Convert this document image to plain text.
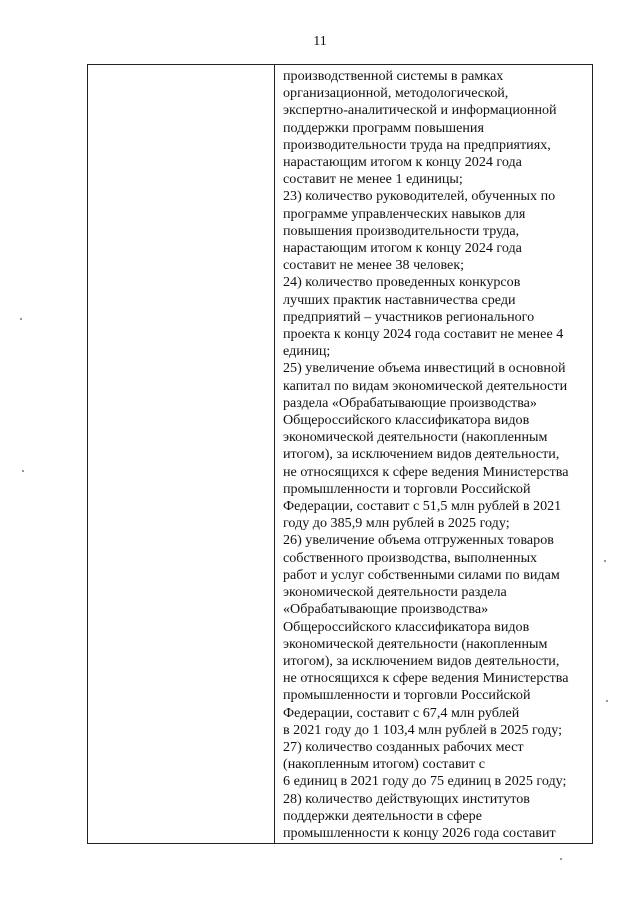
11
производственной системы в рамках
организационной, методологической,
экспертно-аналитической и информационной
поддержки программ повышения
производительности труда на предприятиях,
нарастающим итогом к концу 2024 года
составит не менее 1 единицы;
23) количество руководителей, обученных по
программе управленческих навыков для
повышения производительности труда,
нарастающим итогом к концу 2024 года
составит не менее 38 человек;
24) количество проведенных конкурсов
лучших практик наставничества среди
предприятий – участников регионального
проекта к концу 2024 года составит не менее 4
единиц;
25) увеличение объема инвестиций в основной
капитал по видам экономической деятельности
раздела «Обрабатывающие производства»
Общероссийского классификатора видов
экономической деятельности (накопленным
итогом), за исключением видов деятельности,
не относящихся к сфере ведения Министерства
промышленности и торговли Российской
Федерации, составит с 51,5 млн рублей в 2021
году до 385,9 млн рублей в 2025 году;
26) увеличение объема отгруженных товаров
собственного производства, выполненных
работ и услуг собственными силами по видам
экономической деятельности раздела
«Обрабатывающие производства»
Общероссийского классификатора видов
экономической деятельности (накопленным
итогом), за исключением видов деятельности,
не относящихся к сфере ведения Министерства
промышленности и торговли Российской
Федерации, составит с 67,4 млн рублей
в 2021 году до 1 103,4 млн рублей в 2025 году;
27) количество созданных рабочих мест
(накопленным итогом) составит с
6 единиц в 2021 году до 75 единиц в 2025 году;
28) количество действующих институтов
поддержки деятельности в сфере
промышленности к концу 2026 года составит
